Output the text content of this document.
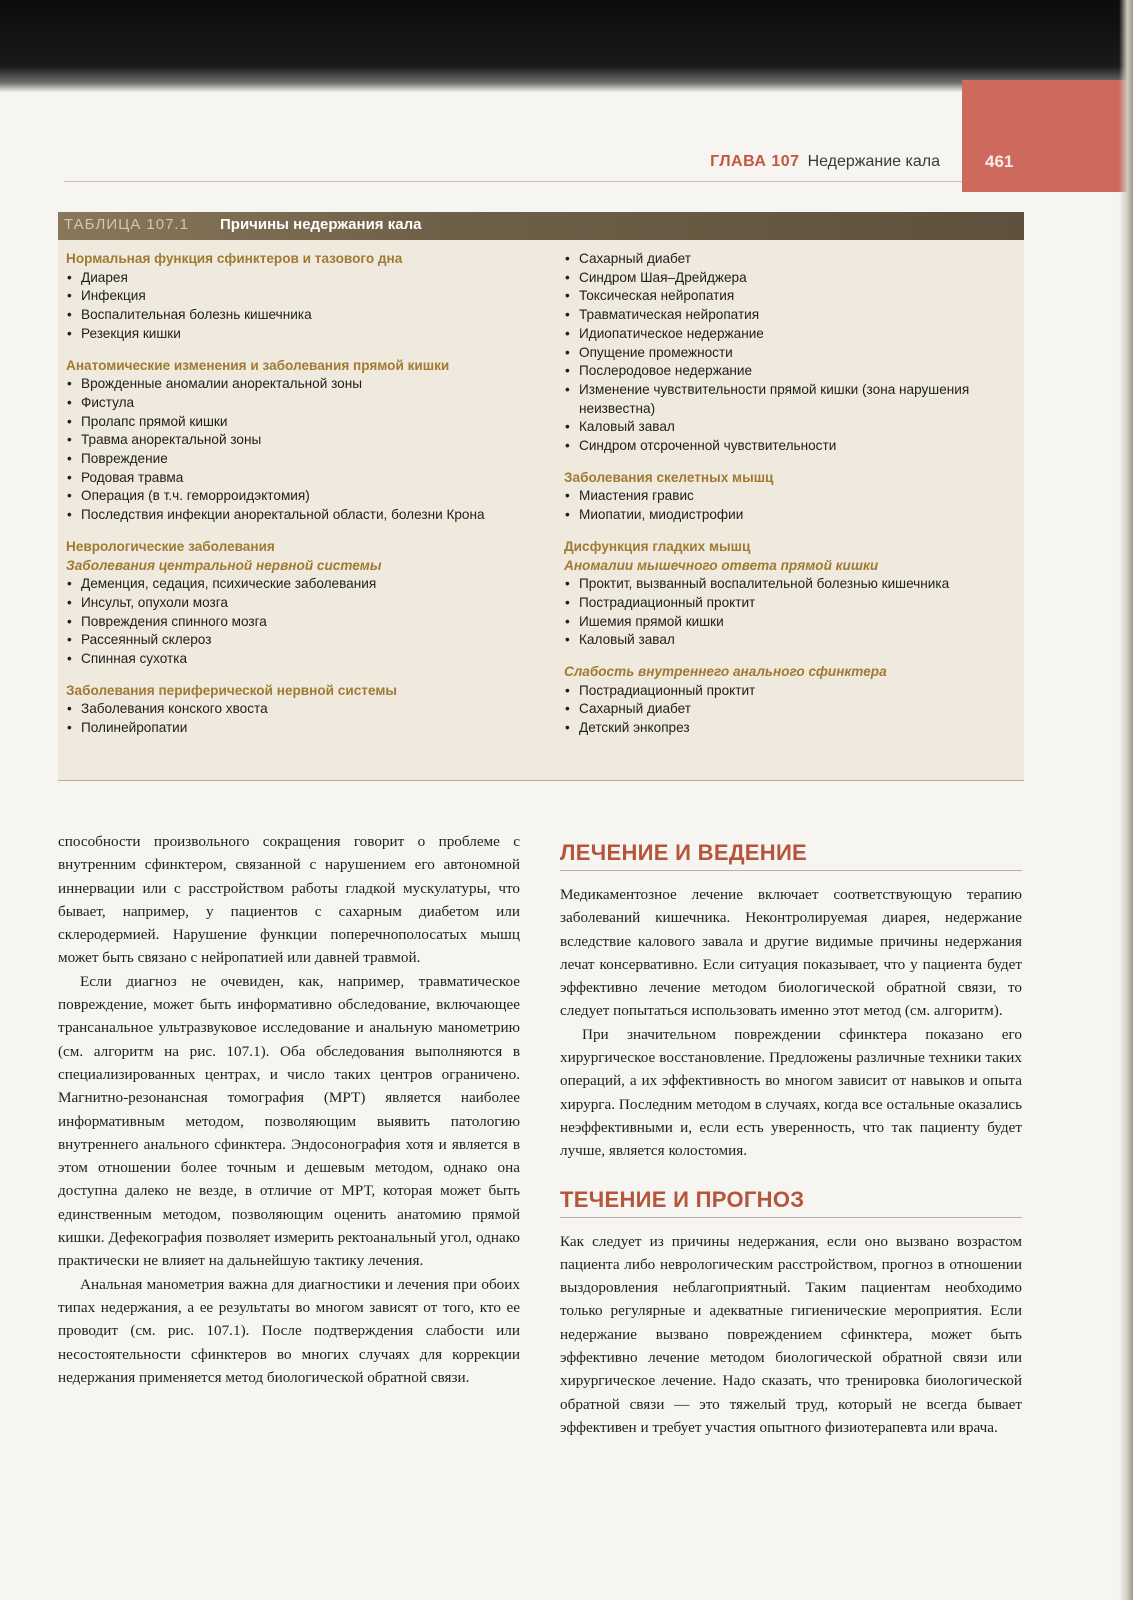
461
ГЛАВА 107 Недержание кала
ТАБЛИЦА 107.1 Причины недержания кала
Нормальная функция сфинктеров и тазового дна
• Диарея
• Инфекция
• Воспалительная болезнь кишечника
• Резекция кишки
Анатомические изменения и заболевания прямой кишки
• Врожденные аномалии аноректальной зоны
• Фистула
• Пролапс прямой кишки
• Травма аноректальной зоны
• Повреждение
• Родовая травма
• Операция (в т.ч. геморроидэктомия)
• Последствия инфекции аноректальной области, болезни Крона
Неврологические заболевания
Заболевания центральной нервной системы
• Деменция, седация, психические заболевания
• Инсульт, опухоли мозга
• Повреждения спинного мозга
• Рассеянный склероз
• Спинная сухотка
Заболевания периферической нервной системы
• Заболевания конского хвоста
• Полинейропатии
• Сахарный диабет
• Синдром Шая–Дрейджера
• Токсическая нейропатия
• Травматическая нейропатия
• Идиопатическое недержание
• Опущение промежности
• Послеродовое недержание
• Изменение чувствительности прямой кишки (зона нарушения неизвестна)
• Каловый завал
• Синдром отсроченной чувствительности
Заболевания скелетных мышц
• Миастения гравис
• Миопатии, миодистрофии
Дисфункция гладких мышц
Аномалии мышечного ответа прямой кишки
• Проктит, вызванный воспалительной болезнью кишечника
• Пострадиационный проктит
• Ишемия прямой кишки
• Каловый завал
Слабость внутреннего анального сфинктера
• Пострадиационный проктит
• Сахарный диабет
• Детский энкопрез

способности произвольного сокращения говорит о проблеме с внутренним сфинктером, связанной с нарушением его автономной иннервации или с расстройством работы гладкой мускулатуры, что бывает, например, у пациентов с сахарным диабетом или склеродермией. Нарушение функции поперечнополосатых мышц может быть связано с нейропатией или давней травмой.

Если диагноз не очевиден, как, например, травматическое повреждение, может быть информативно обследование, включающее трансанальное ультразвуковое исследование и анальную манометрию (см. алгоритм на рис. 107.1). Оба обследования выполняются в специализированных центрах, и число таких центров ограничено. Магнитно-резонансная томография (МРТ) является наиболее информативным методом, позволяющим выявить патологию внутреннего анального сфинктера. Эндосонография хотя и является в этом отношении более точным и дешевым методом, однако она доступна далеко не везде, в отличие от МРТ, которая может быть единственным методом, позволяющим оценить анатомию прямой кишки. Дефекография позволяет измерить ректоанальный угол, однако практически не влияет на дальнейшую тактику лечения.

Анальная манометрия важна для диагностики и лечения при обоих типах недержания, а ее результаты во многом зависят от того, кто ее проводит (см. рис. 107.1). После подтверждения слабости или несостоятельности сфинктеров во многих случаях для коррекции недержания применяется метод биологической обратной связи.

ЛЕЧЕНИЕ И ВЕДЕНИЕ

Медикаментозное лечение включает соответствующую терапию заболеваний кишечника. Неконтролируемая диарея, недержание вследствие калового завала и другие видимые причины недержания лечат консервативно. Если ситуация показывает, что у пациента будет эффективно лечение методом биологической обратной связи, то следует попытаться использовать именно этот метод (см. алгоритм).

При значительном повреждении сфинктера показано его хирургическое восстановление. Предложены различные техники таких операций, а их эффективность во многом зависит от навыков и опыта хирурга. Последним методом в случаях, когда все остальные оказались неэффективными и, если есть уверенность, что так пациенту будет лучше, является колостомия.

ТЕЧЕНИЕ И ПРОГНОЗ

Как следует из причины недержания, если оно вызвано возрастом пациента либо неврологическим расстройством, прогноз в отношении выздоровления неблагоприятный. Таким пациентам необходимо только регулярные и адекватные гигиенические мероприятия. Если недержание вызвано повреждением сфинктера, может быть эффективно лечение методом биологической обратной связи или хирургическое лечение. Надо сказать, что тренировка биологической обратной связи — это тяжелый труд, который не всегда бывает эффективен и требует участия опытного физиотерапевта или врача.
